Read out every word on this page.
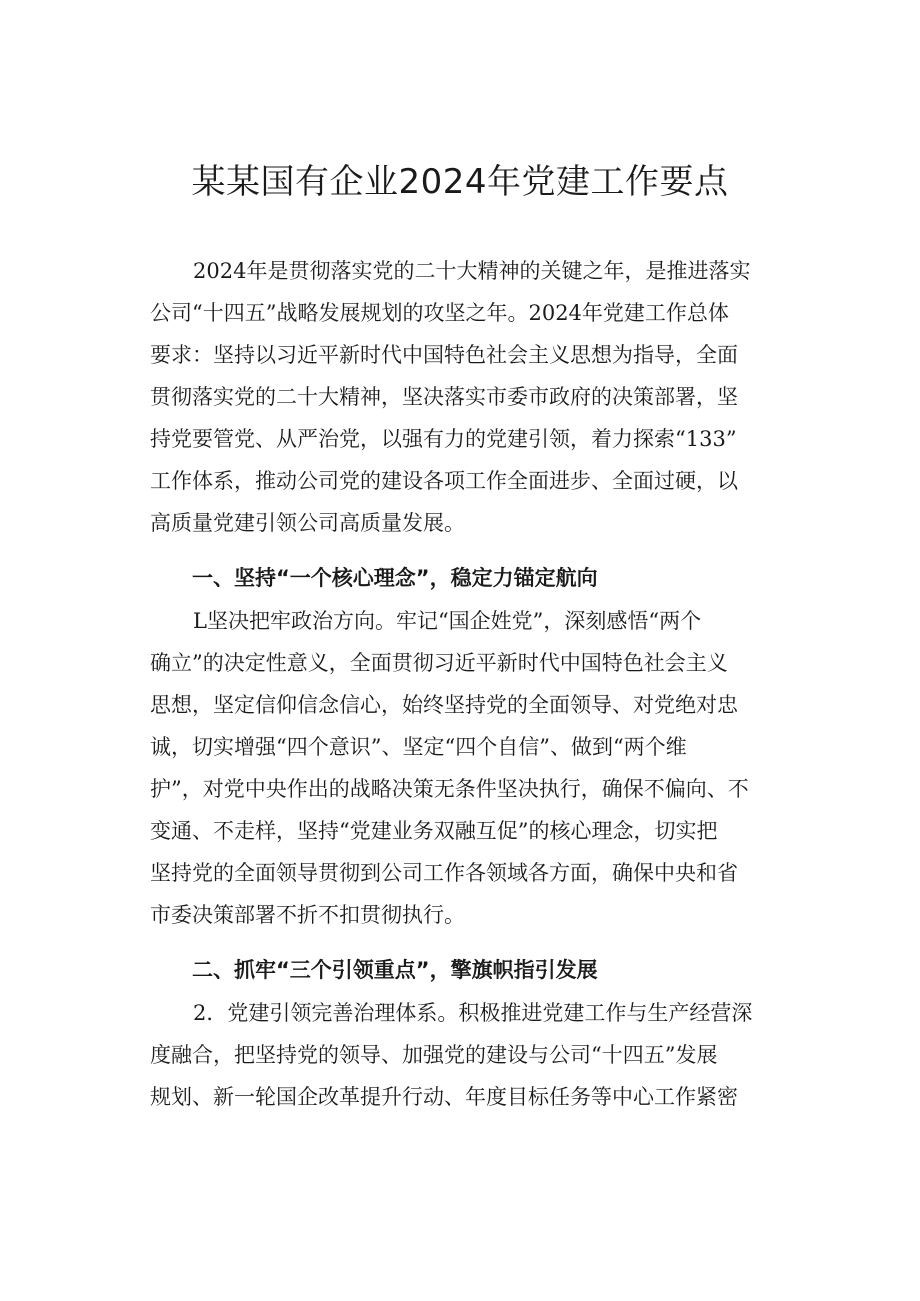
某某国有企业2024年党建工作要点
2024年是贯彻落实党的二十大精神的关键之年，是推进落实
公司“十四五”战略发展规划的攻坚之年。2024年党建工作总体
要求：坚持以习近平新时代中国特色社会主义思想为指导，全面
贯彻落实党的二十大精神，坚决落实市委市政府的决策部署，坚
持党要管党、从严治党，以强有力的党建引领，着力探索“133”
工作体系，推动公司党的建设各项工作全面进步、全面过硬，以
高质量党建引领公司高质量发展。
一、坚持“一个核心理念”，稳定力锚定航向
L坚决把牢政治方向。牢记“国企姓党”，深刻感悟“两个
确立”的决定性意义，全面贯彻习近平新时代中国特色社会主义
思想，坚定信仰信念信心，始终坚持党的全面领导、对党绝对忠
诚，切实增强“四个意识”、坚定“四个自信”、做到“两个维
护”，对党中央作出的战略决策无条件坚决执行，确保不偏向、不
变通、不走样，坚持“党建业务双融互促”的核心理念，切实把
坚持党的全面领导贯彻到公司工作各领域各方面，确保中央和省
市委决策部署不折不扣贯彻执行。
二、抓牢“三个引领重点”，擎旗帜指引发展
2．党建引领完善治理体系。积极推进党建工作与生产经营深
度融合，把坚持党的领导、加强党的建设与公司“十四五”发展
规划、新一轮国企改革提升行动、年度目标任务等中心工作紧密
